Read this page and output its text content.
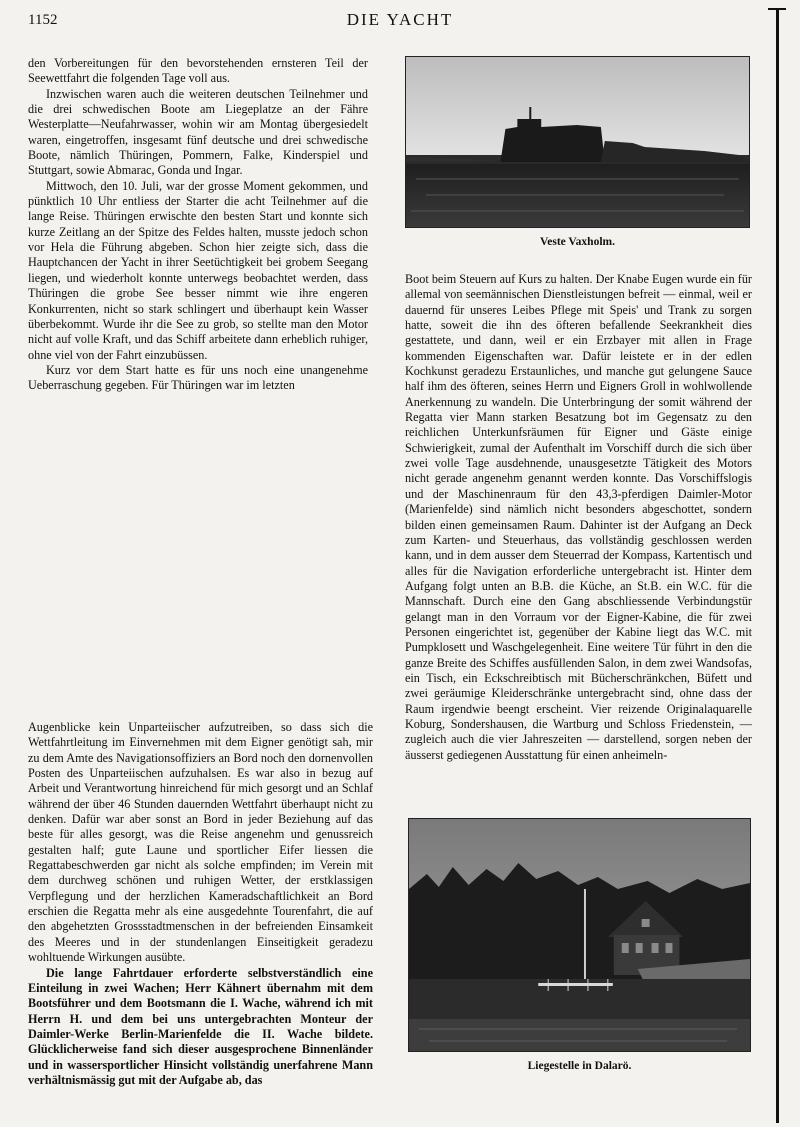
1152	DIE YACHT

den Vorbereitungen für den bevorstehenden ernsteren Teil der Seewettfahrt die folgenden Tage voll aus.

Inzwischen waren auch die weiteren deutschen Teilnehmer und die drei schwedischen Boote am Liegeplatze an der Fähre Westerplatte—Neufahrwasser, wohin wir am Montag übergesiedelt waren, eingetroffen, insgesamt fünf deutsche und drei schwedische Boote, nämlich Thüringen, Pommern, Falke, Kinderspiel und Stuttgart, sowie Abmarac, Gonda und Ingar.

Mittwoch, den 10. Juli, war der grosse Moment gekommen, und pünktlich 10 Uhr entliess der Starter die acht Teilnehmer auf die lange Reise. Thüringen erwischte den besten Start und konnte sich kurze Zeitlang an der Spitze des Feldes halten, musste jedoch schon vor Hela die Führung abgeben. Schon hier zeigte sich, dass die Hauptchancen der Yacht in ihrer Seetüchtigkeit bei grobem Seegang liegen, und wiederholt konnte unterwegs beobachtet werden, dass Thüringen die grobe See besser nimmt wie ihre engeren Konkurrenten, nicht so stark schlingert und überhaupt kein Wasser überbekommt. Wurde ihr die See zu grob, so stellte man den Motor nicht auf volle Kraft, und das Schiff arbeitete dann erheblich ruhiger, ohne viel von der Fahrt einzubüssen.

Kurz vor dem Start hatte es für uns noch eine unangenehme Ueberraschung gegeben. Für Thüringen war im letzten

Veste Vaxholm.

Boot beim Steuern auf Kurs zu halten. Der Knabe Eugen wurde ein für allemal von seemännischen Dienstleistungen befreit — einmal, weil er dauernd für unseres Leibes Pflege mit Speis' und Trank zu sorgen hatte, soweit die ihn des öfteren befallende Seekrankheit dies gestattete, und dann, weil er ein Erzbayer mit allen in Frage kommenden Eigenschaften war. Dafür leistete er in der edlen Kochkunst geradezu Erstaunliches, und manche gut gelungene Sauce half ihm des öfteren, seines Herrn und Eigners Groll in wohlwollende Anerkennung zu wandeln. Die Unterbringung der somit während der Regatta vier Mann starken Besatzung bot im Gegensatz zu den reichlichen Unterkunfsräumen für Eigner und Gäste einige Schwierigkeit, zumal der Aufenthalt im Vorschiff durch die sich über zwei volle Tage ausdehnende, unausgesetzte Tätigkeit des Motors nicht gerade angenehm genannt werden konnte. Das Vorschiffslogis und der Maschinenraum für den 43,3-pferdigen Daimler-Motor (Marienfelde) sind nämlich nicht besonders abgeschottet, sondern bilden einen gemeinsamen Raum. Dahinter ist der Aufgang an Deck zum Karten- und Steuerhaus, das vollständig geschlossen werden kann, und in dem ausser dem Steuerrad der Kompass, Kartentisch und alles für die Navigation erforderliche untergebracht ist. Hinter dem Aufgang folgt unten an B.B. die Küche, an St.B. ein W.C. für die Mannschaft. Durch eine den Gang abschliessende Verbindungstür gelangt man in den Vorraum vor der Eigner-Kabine, die für zwei Personen eingerichtet ist, gegenüber der Kabine liegt das W.C. mit Pumpklosett und Waschgelegenheit. Eine weitere Tür führt in den die ganze Breite des Schiffes ausfüllenden Salon, in dem zwei Wandsofas, ein Tisch, ein Eckschreibtisch mit Bücherschränkchen, Büfett und zwei geräumige Kleiderschränke untergebracht sind, ohne dass der Raum irgendwie beengt erscheint. Vier reizende Originalaquarelle Koburg, Sondershausen, die Wartburg und Schloss Friedenstein, — zugleich auch die vier Jahreszeiten — darstellend, sorgen neben der äusserst gediegenen Ausstattung für einen anheimeln-

Augenblicke kein Unparteiischer aufzutreiben, so dass sich die Wettfahrtleitung im Einvernehmen mit dem Eigner genötigt sah, mir zu dem Amte des Navigationsoffiziers an Bord noch den dornenvollen Posten des Unparteiischen aufzuhalsen. Es war also in bezug auf Arbeit und Verantwortung hinreichend für mich gesorgt und an Schlaf während der über 46 Stunden dauernden Wettfahrt überhaupt nicht zu denken. Dafür war aber sonst an Bord in jeder Beziehung auf das beste für alles gesorgt, was die Reise angenehm und genussreich gestalten half; gute Laune und sportlicher Eifer liessen die Regattabeschwerden gar nicht als solche empfinden; im Verein mit dem durchweg schönen und ruhigen Wetter, der erstklassigen Verpflegung und der herzlichen Kameradschaftlichkeit an Bord erschien die Regatta mehr als eine ausgedehnte Tourenfahrt, die auf den abgehetzten Grossstadtmenschen in der befreienden Einsamkeit des Meeres und in der stundenlangen Einseitigkeit geradezu wohltuende Wirkungen ausübte.

Die lange Fahrtdauer erforderte selbstverständlich eine Einteilung in zwei Wachen; Herr Kähnert übernahm mit dem Bootsführer und dem Bootsmann die I. Wache, während ich mit Herrn H. und dem bei uns untergebrachten Monteur der Daimler-Werke Berlin-Marienfelde die II. Wache bildete. Glücklicherweise fand sich dieser ausgesprochene Binnenländer und in wassersportlicher Hinsicht vollständig unerfahrene Mann verhältnismässig gut mit der Aufgabe ab, das

Liegestelle in Dalarö.
